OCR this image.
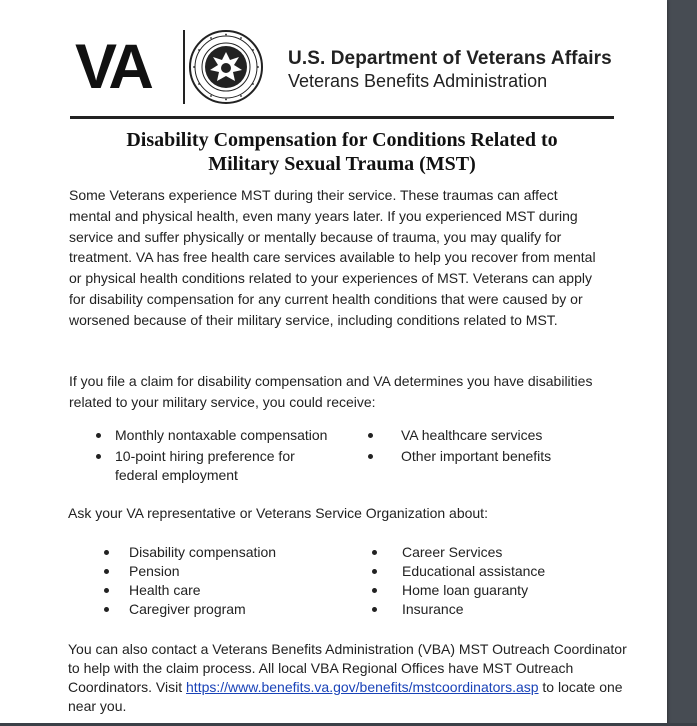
VA	U.S. Department of Veterans Affairs
Veterans Benefits Administration
Disability Compensation for Conditions Related to
Military Sexual Trauma (MST)

Some Veterans experience MST during their service. These traumas can affect mental and physical health, even many years later. If you experienced MST during service and suffer physically or mentally because of trauma, you may qualify for treatment. VA has free health care services available to help you recover from mental or physical health conditions related to your experiences of MST. Veterans can apply for disability compensation for any current health conditions that were caused by or worsened because of their military service, including conditions related to MST.

If you file a claim for disability compensation and VA determines you have disabilities related to your military service, you could receive:

Monthly nontaxable compensation
10-point hiring preference for federal employment
VA healthcare services
Other important benefits

Ask your VA representative or Veterans Service Organization about:

Disability compensation
Pension
Health care
Caregiver program
Career Services
Educational assistance
Home loan guaranty
Insurance

You can also contact a Veterans Benefits Administration (VBA) MST Outreach Coordinator to help with the claim process. All local VBA Regional Offices have MST Outreach Coordinators. Visit https://www.benefits.va.gov/benefits/mstcoordinators.asp to locate one near you.
